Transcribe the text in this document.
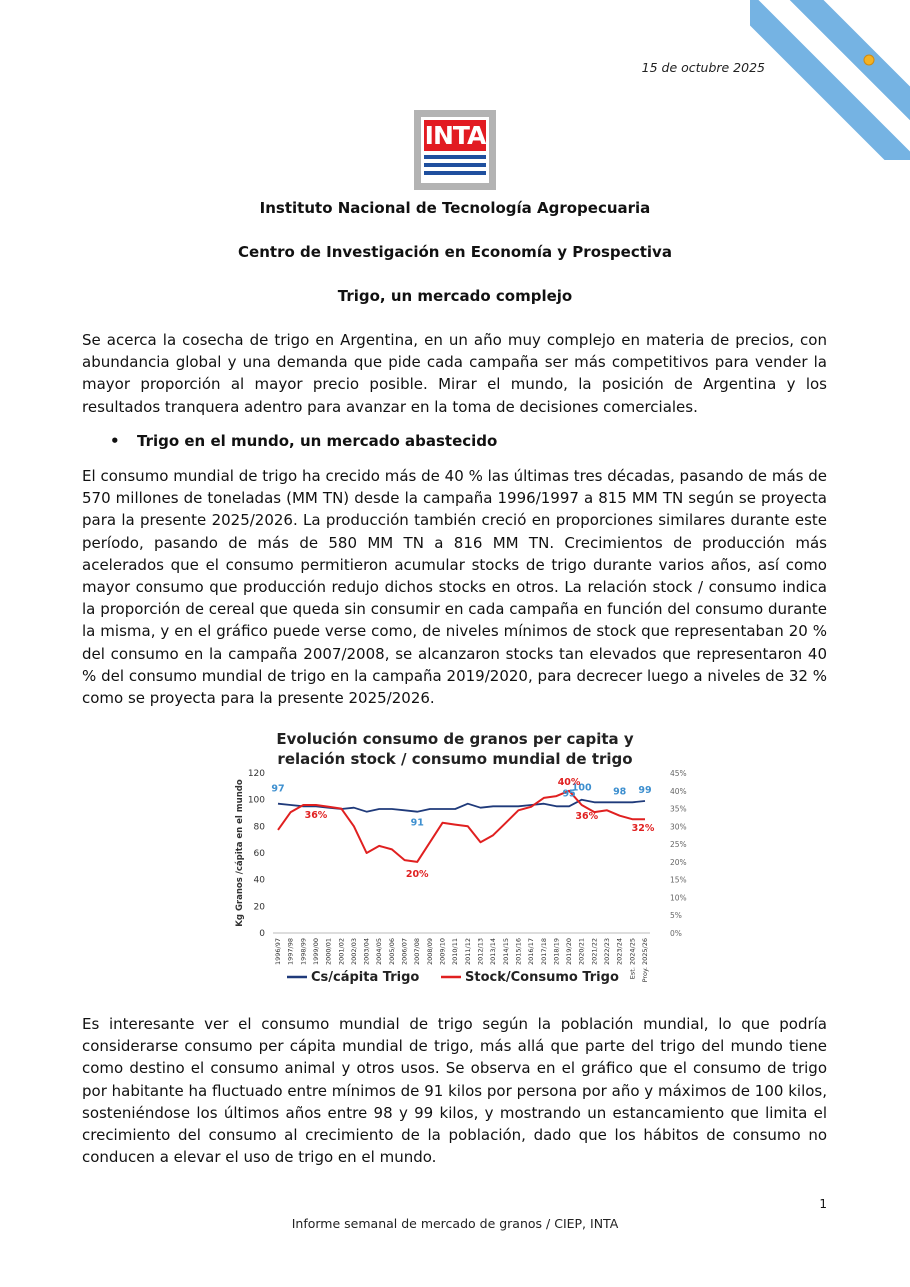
15 de octubre 2025
INTA
Instituto Nacional de Tecnología Agropecuaria
Centro de Investigación en Economía y Prospectiva
Trigo, un mercado complejo

Se acerca la cosecha de trigo en Argentina, en un año muy complejo en materia de precios, con abundancia global y una demanda que pide cada campaña ser más competitivos para vender la mayor proporción al mayor precio posible. Mirar el mundo, la posición de Argentina y los resultados tranquera adentro para avanzar en la toma de decisiones comerciales.

• Trigo en el mundo, un mercado abastecido

El consumo mundial de trigo ha crecido más de 40 % las últimas tres décadas, pasando de más de 570 millones de toneladas (MM TN) desde la campaña 1996/1997 a 815 MM TN según se proyecta para la presente 2025/2026. La producción también creció en proporciones similares durante este período, pasando de más de 580 MM TN a 816 MM TN. Crecimientos de producción más acelerados que el consumo permitieron acumular stocks de trigo durante varios años, así como mayor consumo que producción redujo dichos stocks en otros. La relación stock / consumo indica la proporción de cereal que queda sin consumir en cada campaña en función del consumo durante la misma, y en el gráfico puede verse como, de niveles mínimos de stock que representaban 20 % del consumo en la campaña 2007/2008, se alcanzaron stocks tan elevados que representaron 40 % del consumo mundial de trigo en la campaña 2019/2020, para decrecer luego a niveles de 32 % como se proyecta para la presente 2025/2026.

Evolución consumo de granos per capita y
relación stock / consumo mundial de trigo
Kg Granos /cápita en el mundo
0
20
40
60
80
100
120
0%
5%
10%
15%
20%
25%
30%
35%
40%
45%
1996/97 1997/98 1998/99 1999/00 2000/01 2001/02 2002/03 2003/04 2004/05 2005/06 2006/07 2007/08 2008/09 2009/10 2010/11 2011/12 2012/13 2013/14 2014/15 2015/16 2016/17 2017/18 2018/19 2019/20 2020/21 2021/22 2022/23 2023/24 Est. 2024/25 Proy. 2025/26
97
91
95
100 98 99
36%
20%
40%
36%
32%
Cs/cápita Trigo	Stock/Consumo Trigo

Es interesante ver el consumo mundial de trigo según la población mundial, lo que podría considerarse consumo per cápita mundial de trigo, más allá que parte del trigo del mundo tiene como destino el consumo animal y otros usos. Se observa en el gráfico que el consumo de trigo por habitante ha fluctuado entre mínimos de 91 kilos por persona por año y máximos de 100 kilos, sosteniéndose los últimos años entre 98 y 99 kilos, y mostrando un estancamiento que limita el crecimiento del consumo al crecimiento de la población, dado que los hábitos de consumo no conducen a elevar el uso de trigo en el mundo.

1
Informe semanal de mercado de granos / CIEP, INTA
